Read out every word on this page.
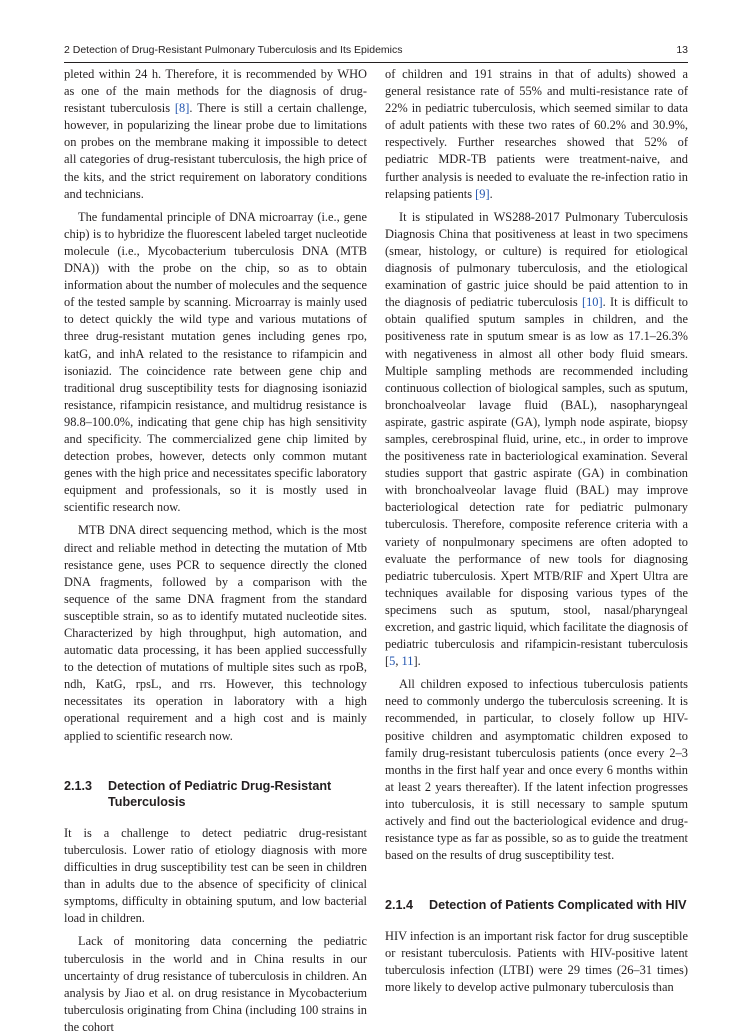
2 Detection of Drug-Resistant Pulmonary Tuberculosis and Its Epidemics	13

pleted within 24 h. Therefore, it is recommended by WHO as one of the main methods for the diagnosis of drug-resistant tuberculosis [8]. There is still a certain challenge, however, in popularizing the linear probe due to limitations on probes on the membrane making it impossible to detect all categories of drug-resistant tuberculosis, the high price of the kits, and the strict requirement on laboratory conditions and technicians.

The fundamental principle of DNA microarray (i.e., gene chip) is to hybridize the fluorescent labeled target nucleotide molecule (i.e., Mycobacterium tuberculosis DNA (MTB DNA)) with the probe on the chip, so as to obtain information about the number of molecules and the sequence of the tested sample by scanning. Microarray is mainly used to detect quickly the wild type and various mutations of three drug-resistant mutation genes including genes rpo, katG, and inhA related to the resistance to rifampicin and isoniazid. The coincidence rate between gene chip and traditional drug susceptibility tests for diagnosing isoniazid resistance, rifampicin resistance, and multidrug resistance is 98.8–100.0%, indicating that gene chip has high sensitivity and specificity. The commercialized gene chip limited by detection probes, however, detects only common mutant genes with the high price and necessitates specific laboratory equipment and professionals, so it is mostly used in scientific research now.

MTB DNA direct sequencing method, which is the most direct and reliable method in detecting the mutation of Mtb resistance gene, uses PCR to sequence directly the cloned DNA fragments, followed by a comparison with the sequence of the same DNA fragment from the standard susceptible strain, so as to identify mutated nucleotide sites. Characterized by high throughput, high automation, and automatic data processing, it has been applied successfully to the detection of mutations of multiple sites such as rpoB, ndh, KatG, rpsL, and rrs. However, this technology necessitates its operation in laboratory with a high operational requirement and a high cost and is mainly applied to scientific research now.

2.1.3	Detection of Pediatric Drug-Resistant Tuberculosis

It is a challenge to detect pediatric drug-resistant tuberculosis. Lower ratio of etiology diagnosis with more difficulties in drug susceptibility test can be seen in children than in adults due to the absence of specificity of clinical symptoms, difficulty in obtaining sputum, and low bacterial load in children.

Lack of monitoring data concerning the pediatric tuberculosis in the world and in China results in our uncertainty of drug resistance of tuberculosis in children. An analysis by Jiao et al. on drug resistance in Mycobacterium tuberculosis originating from China (including 100 strains in the cohort

of children and 191 strains in that of adults) showed a general resistance rate of 55% and multi-resistance rate of 22% in pediatric tuberculosis, which seemed similar to data of adult patients with these two rates of 60.2% and 30.9%, respectively. Further researches showed that 52% of pediatric MDR-TB patients were treatment-naive, and further analysis is needed to evaluate the re-infection ratio in relapsing patients [9].

It is stipulated in WS288-2017 Pulmonary Tuberculosis Diagnosis China that positiveness at least in two specimens (smear, histology, or culture) is required for etiological diagnosis of pulmonary tuberculosis, and the etiological examination of gastric juice should be paid attention to in the diagnosis of pediatric tuberculosis [10]. It is difficult to obtain qualified sputum samples in children, and the positiveness rate in sputum smear is as low as 17.1–26.3% with negativeness in almost all other body fluid smears. Multiple sampling methods are recommended including continuous collection of biological samples, such as sputum, bronchoalveolar lavage fluid (BAL), nasopharyngeal aspirate, gastric aspirate (GA), lymph node aspirate, biopsy samples, cerebrospinal fluid, urine, etc., in order to improve the positiveness rate in bacteriological examination. Several studies support that gastric aspirate (GA) in combination with bronchoalveolar lavage fluid (BAL) may improve bacteriological detection rate for pediatric pulmonary tuberculosis. Therefore, composite reference criteria with a variety of nonpulmonary specimens are often adopted to evaluate the performance of new tools for diagnosing pediatric tuberculosis. Xpert MTB/RIF and Xpert Ultra are techniques available for disposing various types of the specimens such as sputum, stool, nasal/pharyngeal excretion, and gastric liquid, which facilitate the diagnosis of pediatric tuberculosis and rifampicin-resistant tuberculosis [5, 11].

All children exposed to infectious tuberculosis patients need to commonly undergo the tuberculosis screening. It is recommended, in particular, to closely follow up HIV-positive children and asymptomatic children exposed to family drug-resistant tuberculosis patients (once every 2–3 months in the first half year and once every 6 months within at least 2 years thereafter). If the latent infection progresses into tuberculosis, it is still necessary to sample sputum actively and find out the bacteriological evidence and drug-resistance type as far as possible, so as to guide the treatment based on the results of drug susceptibility test.

2.1.4	Detection of Patients Complicated with HIV

HIV infection is an important risk factor for drug susceptible or resistant tuberculosis. Patients with HIV-positive latent tuberculosis infection (LTBI) were 29 times (26–31 times) more likely to develop active pulmonary tuberculosis than
